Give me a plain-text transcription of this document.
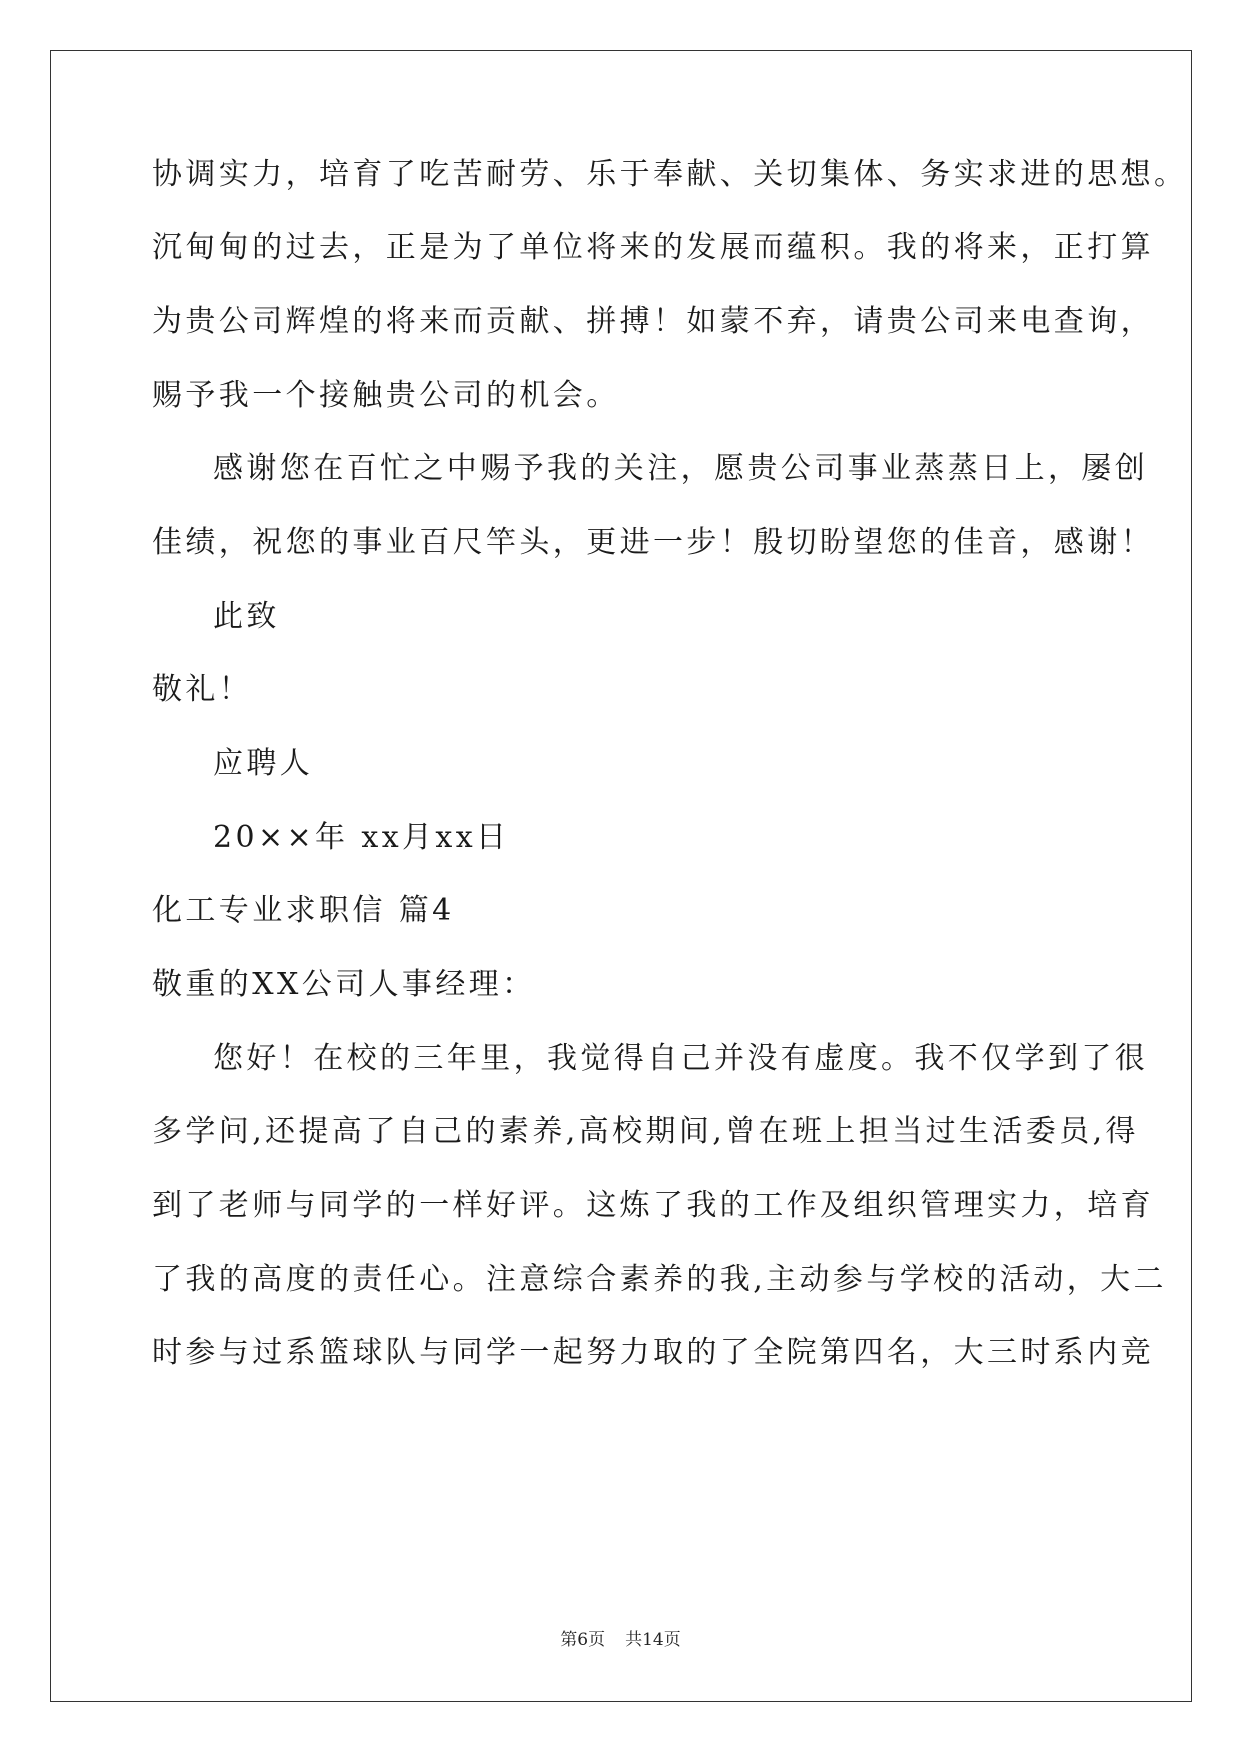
协调实力，培育了吃苦耐劳、乐于奉献、关切集体、务实求进的思想。
沉甸甸的过去，正是为了单位将来的发展而蕴积。我的将来，正打算
为贵公司辉煌的将来而贡献、拼搏！如蒙不弃，请贵公司来电查询，
赐予我一个接触贵公司的机会。
感谢您在百忙之中赐予我的关注，愿贵公司事业蒸蒸日上，屡创
佳绩，祝您的事业百尺竿头，更进一步！殷切盼望您的佳音，感谢！
此致
敬礼！
应聘人
20××年 xx月xx日
化工专业求职信 篇4
敬重的XX公司人事经理：
您好！在校的三年里，我觉得自己并没有虚度。我不仅学到了很
多学问,还提高了自己的素养,高校期间,曾在班上担当过生活委员,得
到了老师与同学的一样好评。这炼了我的工作及组织管理实力，培育
了我的高度的责任心。注意综合素养的我,主动参与学校的活动，大二
时参与过系篮球队与同学一起努力取的了全院第四名，大三时系内竞
第6页 共14页
